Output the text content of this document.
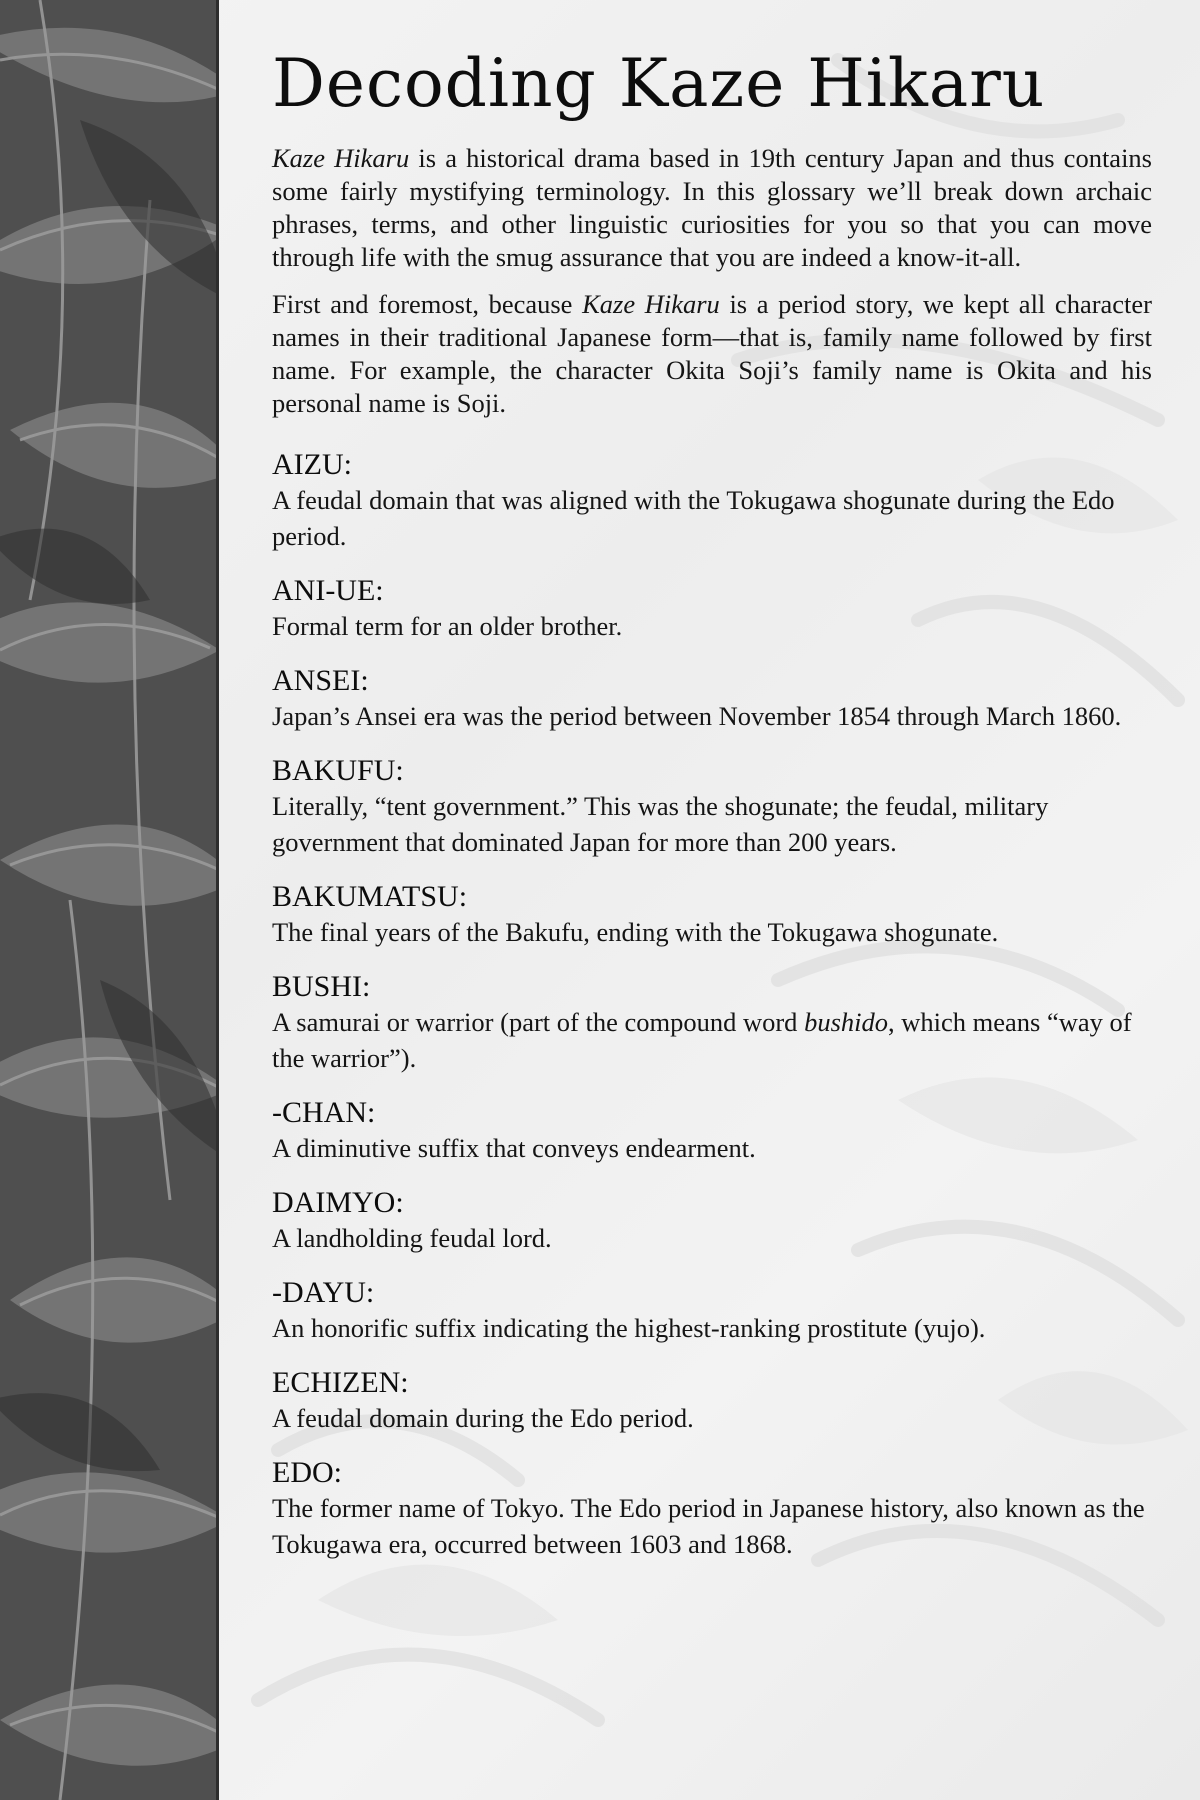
Decoding Kaze Hikaru

Kaze Hikaru is a historical drama based in 19th century Japan and thus contains some fairly mystifying terminology. In this glossary we’ll break down archaic phrases, terms, and other linguistic curiosities for you so that you can move through life with the smug assurance that you are indeed a know-it-all.

First and foremost, because Kaze Hikaru is a period story, we kept all character names in their traditional Japanese form—that is, family name followed by first name. For example, the character Okita Soji’s family name is Okita and his personal name is Soji.

AIZU:

A feudal domain that was aligned with the Tokugawa shogunate during the Edo period.

ANI-UE:

Formal term for an older brother.

ANSEI:

Japan’s Ansei era was the period between November 1854 through March 1860.

BAKUFU:

Literally, “tent government.” This was the shogunate; the feudal, military government that dominated Japan for more than 200 years.

BAKUMATSU:

The final years of the Bakufu, ending with the Tokugawa shogunate.

BUSHI:

A samurai or warrior (part of the compound word bushido, which means “way of the warrior”).

-CHAN:

A diminutive suffix that conveys endearment.

DAIMYO:

A landholding feudal lord.

-DAYU:

An honorific suffix indicating the highest-ranking prostitute (yujo).

ECHIZEN:

A feudal domain during the Edo period.

EDO:

The former name of Tokyo. The Edo period in Japanese history, also known as the Tokugawa era, occurred between 1603 and 1868.
